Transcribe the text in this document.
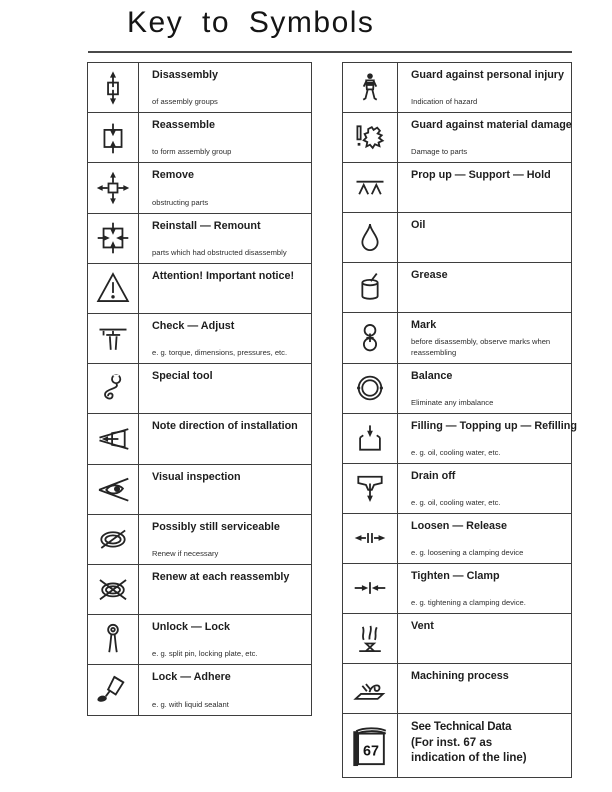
Key to Symbols
Disassembly
of assembly groups
Reassemble
to form assembly group
Remove
obstructing parts
Reinstall — Remount
parts which had obstructed disassembly
Attention! Important notice!
Check — Adjust
e. g. torque, dimensions, pressures, etc.
Special tool
Note direction of installation
Visual inspection
Possibly still serviceable
Renew if necessary
Renew at each reassembly
Unlock — Lock
e. g. split pin, locking plate, etc.
Lock — Adhere
e. g. with liquid sealant
Guard against personal injury
Indication of hazard
Guard against material damage
Damage to parts
Prop up — Support — Hold
Oil
Grease
Mark
before disassembly, observe marks when reassembling
Balance
Eliminate any imbalance
Filling — Topping up — Refilling
e. g. oil, cooling water, etc.
Drain off
e. g. oil, cooling water, etc.
Loosen — Release
e. g. loosening a clamping device
Tighten — Clamp
e. g. tightening a clamping device.
Vent
Machining process
67
See Technical Data
(For inst. 67 as
indication of the line)
